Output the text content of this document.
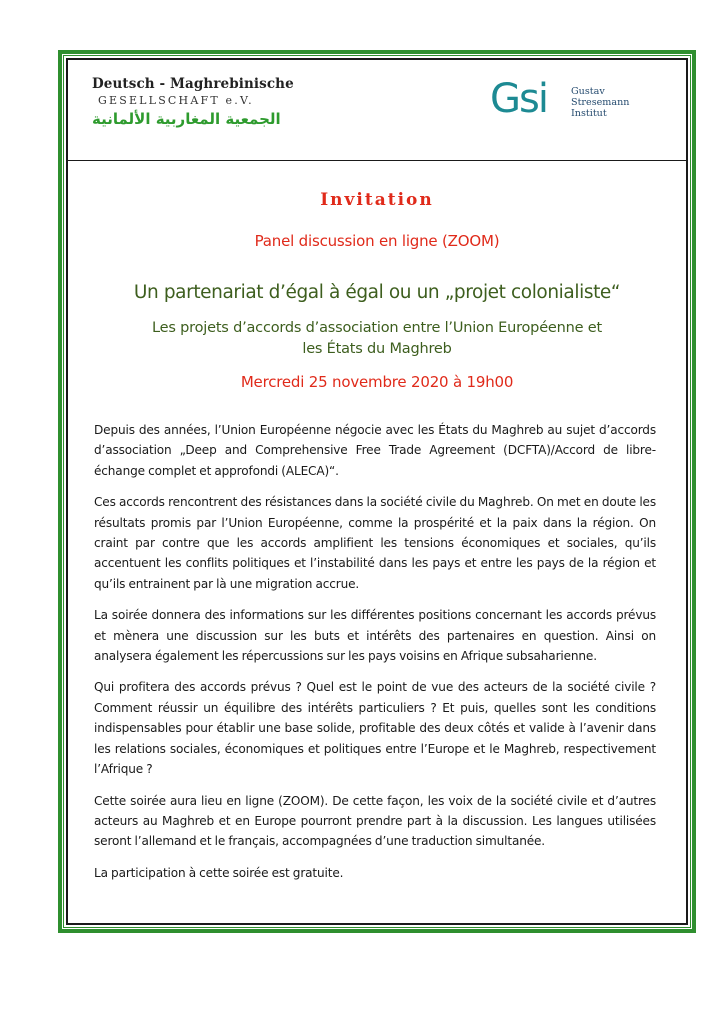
Deutsch - Maghrebinische
GESELLSCHAFT e.V.
الجمعية المغاربية الألمانية	Gsi	Gustav
Stresemann
Institut
Invitation
Panel discussion en ligne (ZOOM)
Un partenariat d’égal à égal ou un „projet colonialiste“
Les projets d’accords d’association entre l’Union Européenne et
les États du Maghreb
Mercredi 25 novembre 2020 à 19h00

Depuis des années, l’Union Européenne négocie avec les États du Maghreb au sujet d’accords d’association „Deep and Comprehensive Free Trade Agreement (DCFTA)/Accord de libre-échange complet et approfondi (ALECA)“.

Ces accords rencontrent des résistances dans la société civile du Maghreb. On met en doute les résultats promis par l’Union Européenne, comme la prospérité et la paix dans la région. On craint par contre que les accords amplifient les tensions économiques et sociales, qu’ils accentuent les conflits politiques et l’instabilité dans les pays et entre les pays de la région et qu’ils entrainent par là une migration accrue.

La soirée donnera des informations sur les différentes positions concernant les accords prévus et mènera une discussion sur les buts et intérêts des partenaires en question. Ainsi on analysera également les répercussions sur les pays voisins en Afrique subsaharienne.

Qui profitera des accords prévus ? Quel est le point de vue des acteurs de la société civile ? Comment réussir un équilibre des intérêts particuliers ? Et puis, quelles sont les conditions indispensables pour établir une base solide, profitable des deux côtés et valide à l’avenir dans les relations sociales, économiques et politiques entre l’Europe et le Maghreb, respectivement l’Afrique ?

Cette soirée aura lieu en ligne (ZOOM). De cette façon, les voix de la société civile et d’autres acteurs au Maghreb et en Europe pourront prendre part à la discussion. Les langues utilisées seront l’allemand et le français, accompagnées d’une traduction simultanée.

La participation à cette soirée est gratuite.
